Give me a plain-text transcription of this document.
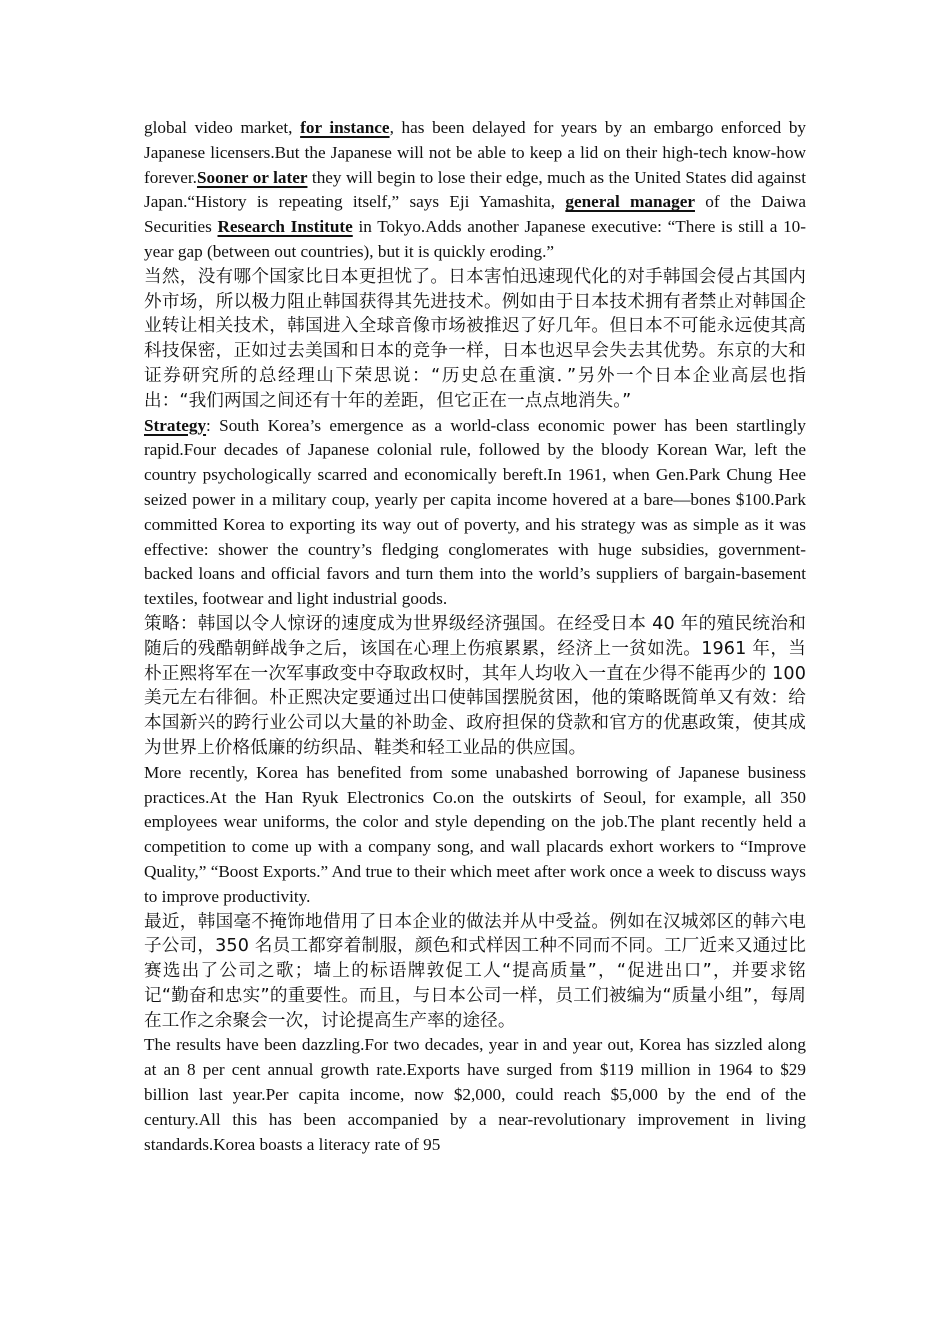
global video market, for instance, has been delayed for years by an embargo enforced by Japanese licensers.But the Japanese will not be able to keep a lid on their high-tech know-how forever.Sooner or later they will begin to lose their edge, much as the United States did against Japan.“History is repeating itself,” says Eji Yamashita, general manager of the Daiwa Securities Research Institute in Tokyo.Adds another Japanese executive: “There is still a 10-year gap (between out countries), but it is quickly eroding.”

当然，没有哪个国家比日本更担忧了。日本害怕迅速现代化的对手韩国会侵占其国内外市场，所以极力阻止韩国获得其先进技术。例如由于日本技术拥有者禁止对韩国企业转让相关技术，韩国进入全球音像市场被推迟了好几年。但日本不可能永远使其高科技保密，正如过去美国和日本的竞争一样，日本也迟早会失去其优势。东京的大和证券研究所的总经理山下荣思说：“历史总在重演．”另外一个日本企业高层也指出：“我们两国之间还有十年的差距，但它正在一点点地消失。”

Strategy: South Korea’s emergence as a world-class economic power has been startlingly rapid.Four decades of Japanese colonial rule, followed by the bloody Korean War, left the country psychologically scarred and economically bereft.In 1961, when Gen.Park Chung Hee seized power in a military coup, yearly per capita income hovered at a bare—bones $100.Park committed Korea to exporting its way out of poverty, and his strategy was as simple as it was effective: shower the country’s fledging conglomerates with huge subsidies, government-backed loans and official favors and turn them into the world’s suppliers of bargain-basement textiles, footwear and light industrial goods.

策略：韩国以令人惊讶的速度成为世界级经济强国。在经受日本 40 年的殖民统治和随后的残酷朝鲜战争之后，该国在心理上伤痕累累，经济上一贫如洗。1961 年，当朴正熙将军在一次军事政变中夺取政权时，其年人均收入一直在少得不能再少的 100 美元左右徘徊。朴正熙决定要通过出口使韩国摆脱贫困，他的策略既简单又有效：给本国新兴的跨行业公司以大量的补助金、政府担保的贷款和官方的优惠政策，使其成为世界上价格低廉的纺织品、鞋类和轻工业品的供应国。

More recently, Korea has benefited from some unabashed borrowing of Japanese business practices.At the Han Ryuk Electronics Co.on the outskirts of Seoul, for example, all 350 employees wear uniforms, the color and style depending on the job.The plant recently held a competition to come up with a company song, and wall placards exhort workers to “Improve Quality,” “Boost Exports.” And true to their which meet after work once a week to discuss ways to improve productivity.

最近，韩国毫不掩饰地借用了日本企业的做法并从中受益。例如在汉城郊区的韩六电子公司，350 名员工都穿着制服，颜色和式样因工种不同而不同。工厂近来又通过比赛选出了公司之歌；墙上的标语牌敦促工人“提高质量”，“促进出口”，并要求铭记“勤奋和忠实”的重要性。而且，与日本公司一样，员工们被编为“质量小组”，每周在工作之余聚会一次，讨论提高生产率的途径。

The results have been dazzling.For two decades, year in and year out, Korea has sizzled along at an 8 per cent annual growth rate.Exports have surged from $119 million in 1964 to $29 billion last year.Per capita income, now $2,000, could reach $5,000 by the end of the century.All this has been accompanied by a near-revolutionary improvement in living standards.Korea boasts a literacy rate of 95
